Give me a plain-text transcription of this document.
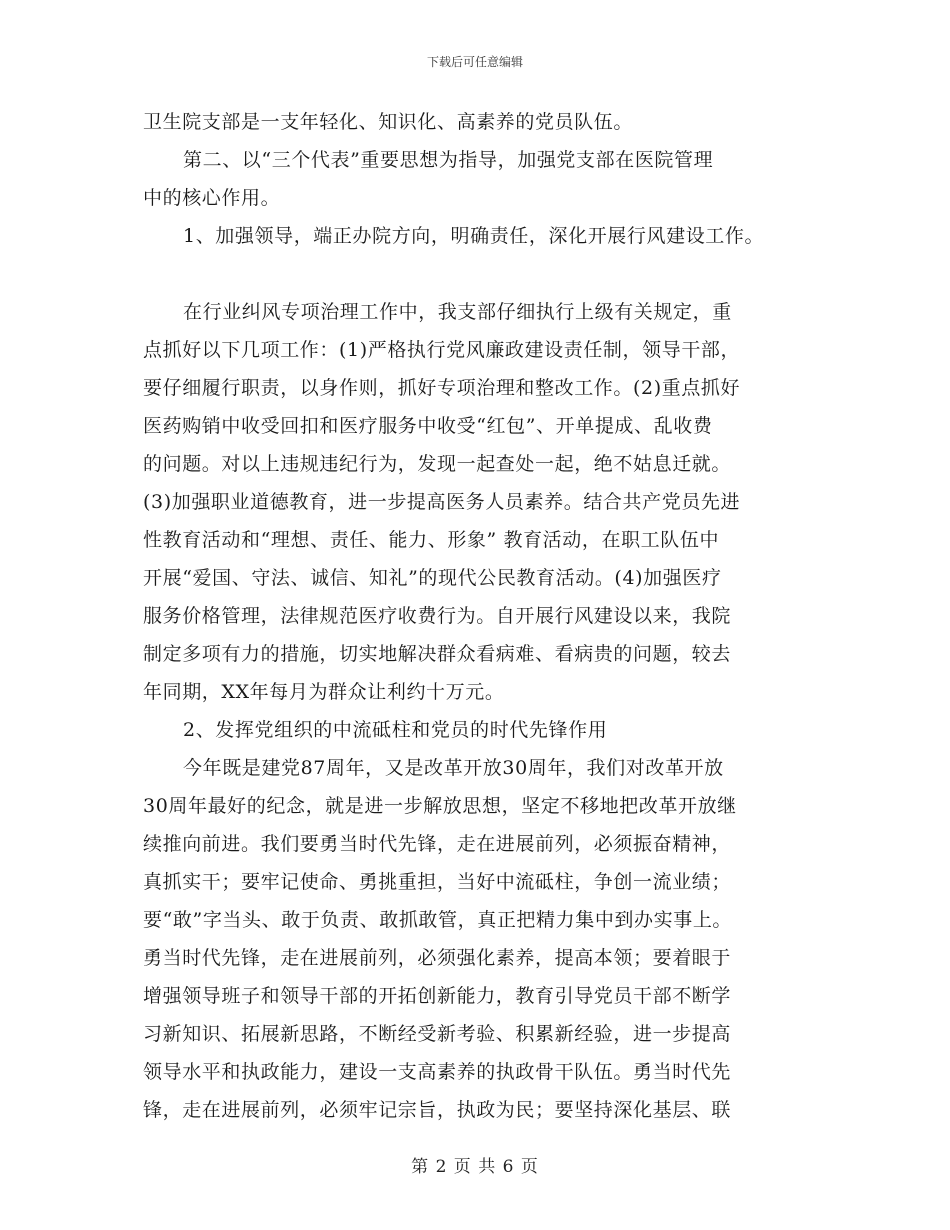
下载后可任意编辑
卫生院支部是一支年轻化、知识化、高素养的党员队伍。
第二、以“三个代表”重要思想为指导，加强党支部在医院管理
中的核心作用。
1、加强领导，端正办院方向，明确责任，深化开展行风建设工作。
在行业纠风专项治理工作中，我支部仔细执行上级有关规定，重
点抓好以下几项工作：(1)严格执行党风廉政建设责任制，领导干部，
要仔细履行职责，以身作则，抓好专项治理和整改工作。(2)重点抓好
医药购销中收受回扣和医疗服务中收受“红包”、开单提成、乱收费
的问题。对以上违规违纪行为，发现一起查处一起，绝不姑息迁就。
(3)加强职业道德教育，进一步提高医务人员素养。结合共产党员先进
性教育活动和“理想、责任、能力、形象” 教育活动，在职工队伍中
开展“爱国、守法、诚信、知礼”的现代公民教育活动。(4)加强医疗
服务价格管理，法律规范医疗收费行为。自开展行风建设以来，我院
制定多项有力的措施，切实地解决群众看病难、看病贵的问题，较去
年同期，XX年每月为群众让利约十万元。
2、发挥党组织的中流砥柱和党员的时代先锋作用
今年既是建党87周年，又是改革开放30周年，我们对改革开放
30周年最好的纪念，就是进一步解放思想，坚定不移地把改革开放继
续推向前进。我们要勇当时代先锋，走在进展前列，必须振奋精神，
真抓实干；要牢记使命、勇挑重担，当好中流砥柱，争创一流业绩；
要“敢”字当头、敢于负责、敢抓敢管，真正把精力集中到办实事上。
勇当时代先锋，走在进展前列，必须强化素养，提高本领；要着眼于
增强领导班子和领导干部的开拓创新能力，教育引导党员干部不断学
习新知识、拓展新思路，不断经受新考验、积累新经验，进一步提高
领导水平和执政能力，建设一支高素养的执政骨干队伍。勇当时代先
锋，走在进展前列，必须牢记宗旨，执政为民；要坚持深化基层、联
第 2 页 共 6 页
